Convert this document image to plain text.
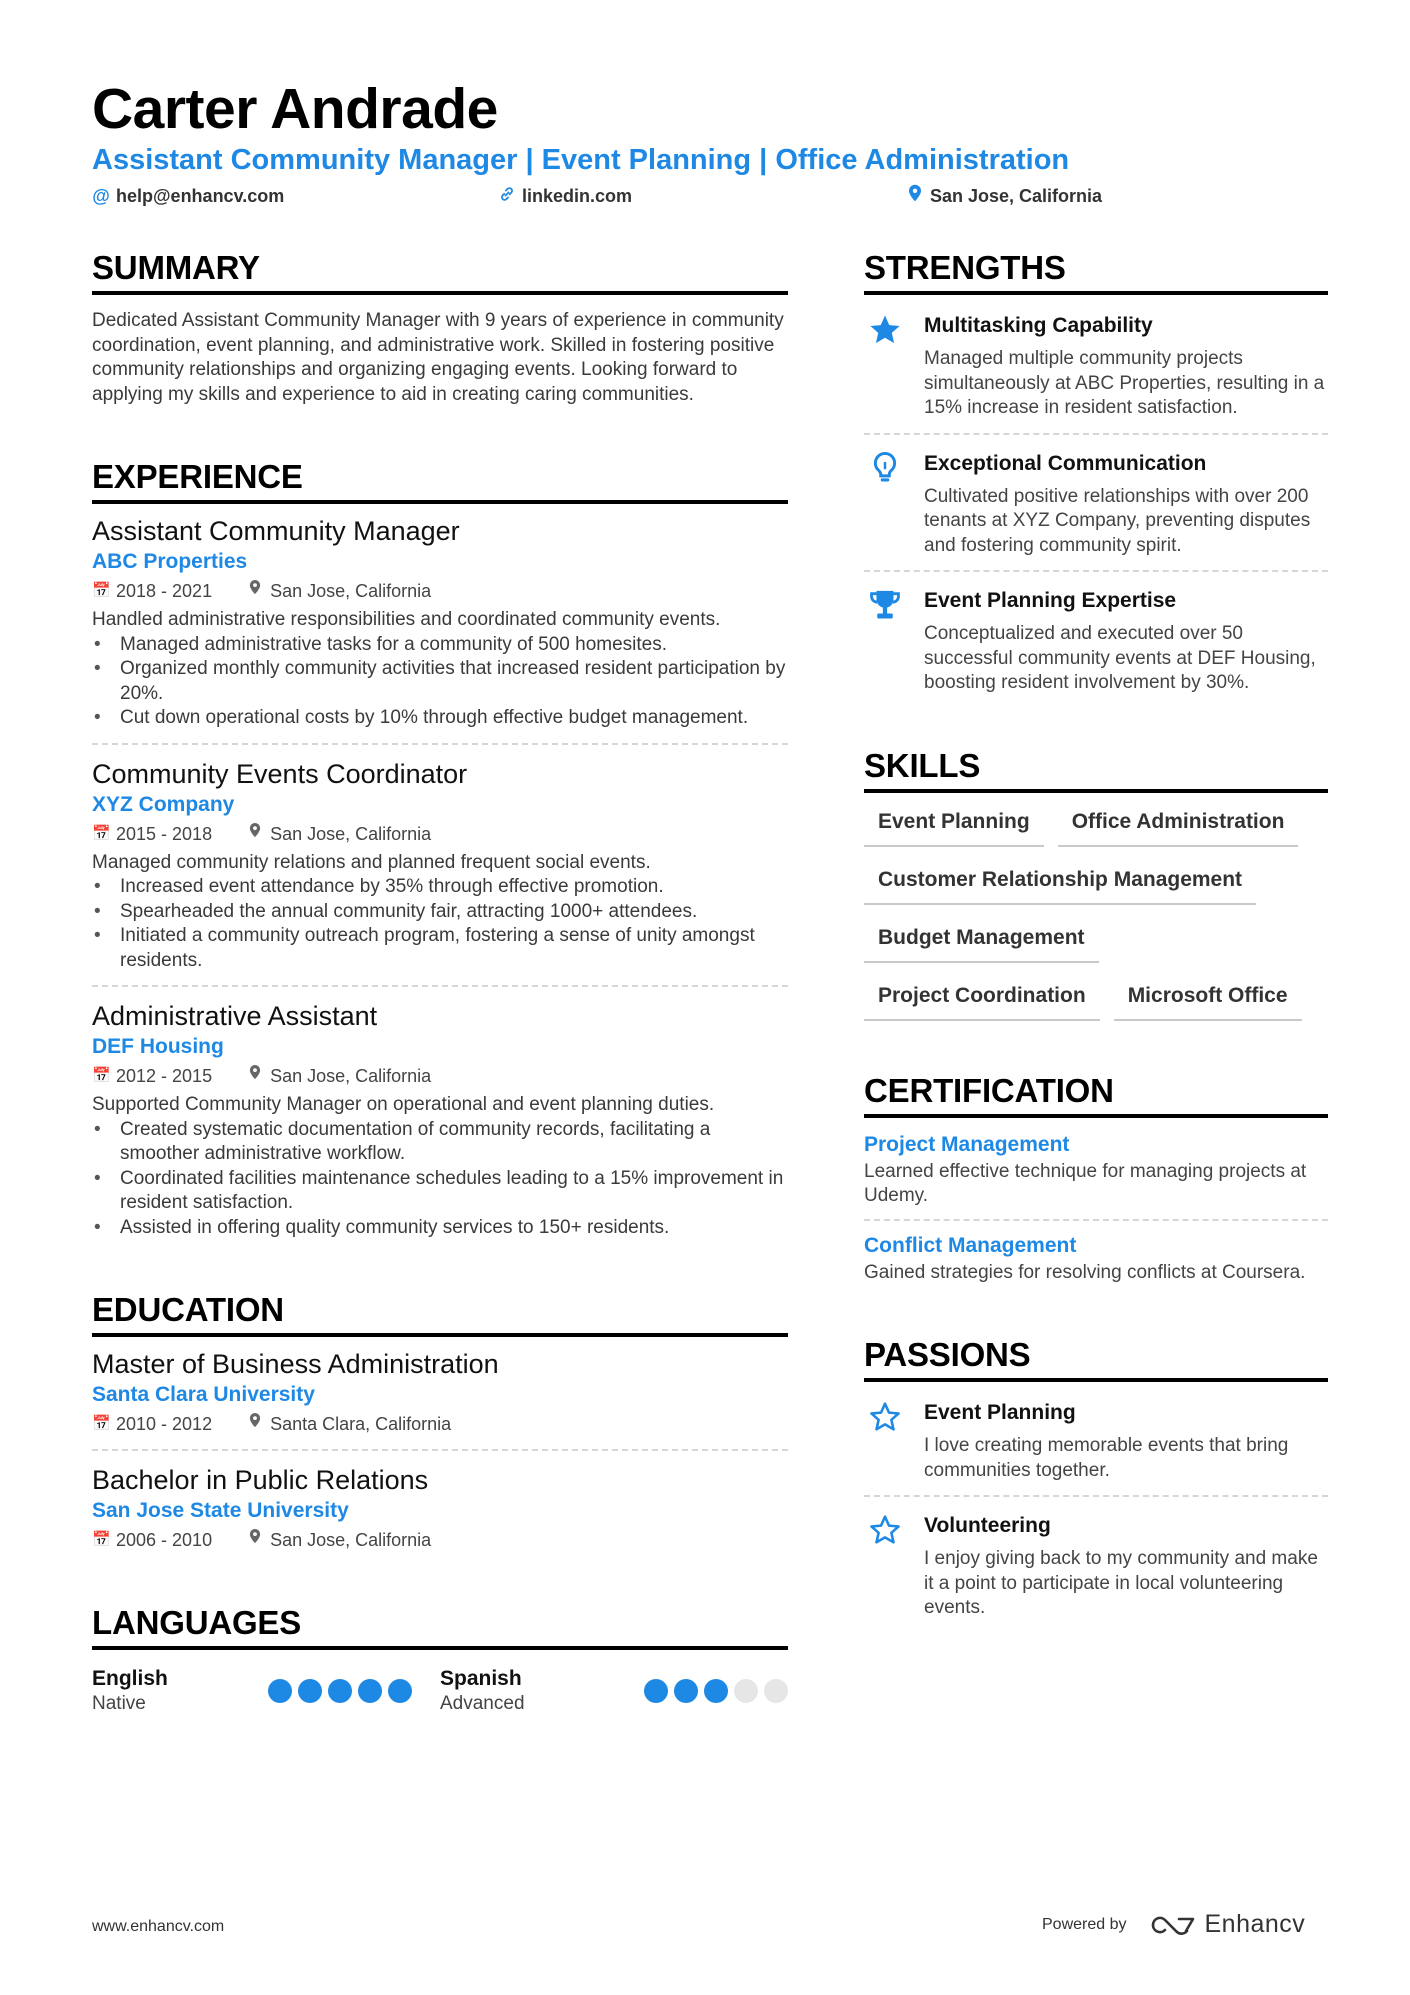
Carter Andrade
Assistant Community Manager | Event Planning | Office Administration
@ help@enhancv.com	linkedin.com	San Jose, California
SUMMARY
Dedicated Assistant Community Manager with 9 years of experience in community coordination, event planning, and administrative work. Skilled in fostering positive community relationships and organizing engaging events. Looking forward to applying my skills and experience to aid in creating caring communities.
EXPERIENCE
Assistant Community Manager
ABC Properties
📅 2018 - 2021	San Jose, California
Handled administrative responsibilities and coordinated community events.
• Managed administrative tasks for a community of 500 homesites.
• Organized monthly community activities that increased resident participation by 20%.
• Cut down operational costs by 10% through effective budget management.
Community Events Coordinator
XYZ Company
📅 2015 - 2018	San Jose, California
Managed community relations and planned frequent social events.
• Increased event attendance by 35% through effective promotion.
• Spearheaded the annual community fair, attracting 1000+ attendees.
• Initiated a community outreach program, fostering a sense of unity amongst residents.
Administrative Assistant
DEF Housing
📅 2012 - 2015	San Jose, California
Supported Community Manager on operational and event planning duties.
• Created systematic documentation of community records, facilitating a smoother administrative workflow.
• Coordinated facilities maintenance schedules leading to a 15% improvement in resident satisfaction.
• Assisted in offering quality community services to 150+ residents.
EDUCATION
Master of Business Administration
Santa Clara University
📅 2010 - 2012	Santa Clara, California
Bachelor in Public Relations
San Jose State University
📅 2006 - 2010	San Jose, California
LANGUAGES
English
Native
Spanish
Advanced
STRENGTHS
Multitasking Capability
Managed multiple community projects simultaneously at ABC Properties, resulting in a 15% increase in resident satisfaction.
Exceptional Communication
Cultivated positive relationships with over 200 tenants at XYZ Company, preventing disputes and fostering community spirit.
Event Planning Expertise
Conceptualized and executed over 50 successful community events at DEF Housing, boosting resident involvement by 30%.
SKILLS
Event Planning	Office Administration
Customer Relationship Management
Budget Management
Project Coordination	Microsoft Office
CERTIFICATION
Project Management
Learned effective technique for managing projects at Udemy.
Conflict Management
Gained strategies for resolving conflicts at Coursera.
PASSIONS
Event Planning
I love creating memorable events that bring communities together.
Volunteering
I enjoy giving back to my community and make it a point to participate in local volunteering events.
www.enhancv.com	Powered by	Enhancv
